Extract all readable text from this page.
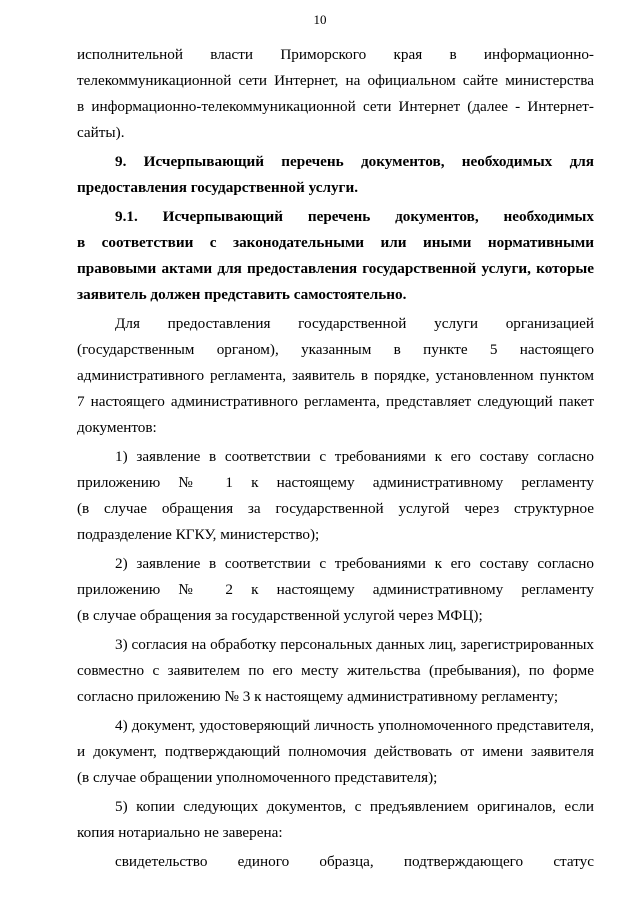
10
исполнительной власти Приморского края в информационно-
телекоммуникационной сети Интернет, на официальном сайте министерства
в информационно-телекоммуникационной сети Интернет (далее - Интернет-
сайты).
9. Исчерпывающий перечень документов, необходимых для
предоставления государственной услуги.
9.1. Исчерпывающий перечень документов, необходимых
в соответствии с законодательными или иными нормативными
правовыми актами для предоставления государственной услуги, которые
заявитель должен представить самостоятельно.
Для предоставления государственной услуги организацией
(государственным органом), указанным в пункте 5 настоящего
административного регламента, заявитель в порядке, установленном пунктом
7 настоящего административного регламента, представляет следующий пакет
документов:
1) заявление в соответствии с требованиями к его составу согласно
приложению № 1 к настоящему административному регламенту
(в случае обращения за государственной услугой через структурное
подразделение КГКУ, министерство);
2) заявление в соответствии с требованиями к его составу согласно
приложению № 2 к настоящему административному регламенту
(в случае обращения за государственной услугой через МФЦ);
3) согласия на обработку персональных данных лиц, зарегистрированных
совместно с заявителем по его месту жительства (пребывания), по форме
согласно приложению № 3 к настоящему административному регламенту;
4) документ, удостоверяющий личность уполномоченного представителя,
и документ, подтверждающий полномочия действовать от имени заявителя
(в случае обращении уполномоченного представителя);
5) копии следующих документов, с предъявлением оригиналов, если
копия нотариально не заверена:
свидетельство единого образца, подтверждающего статус
